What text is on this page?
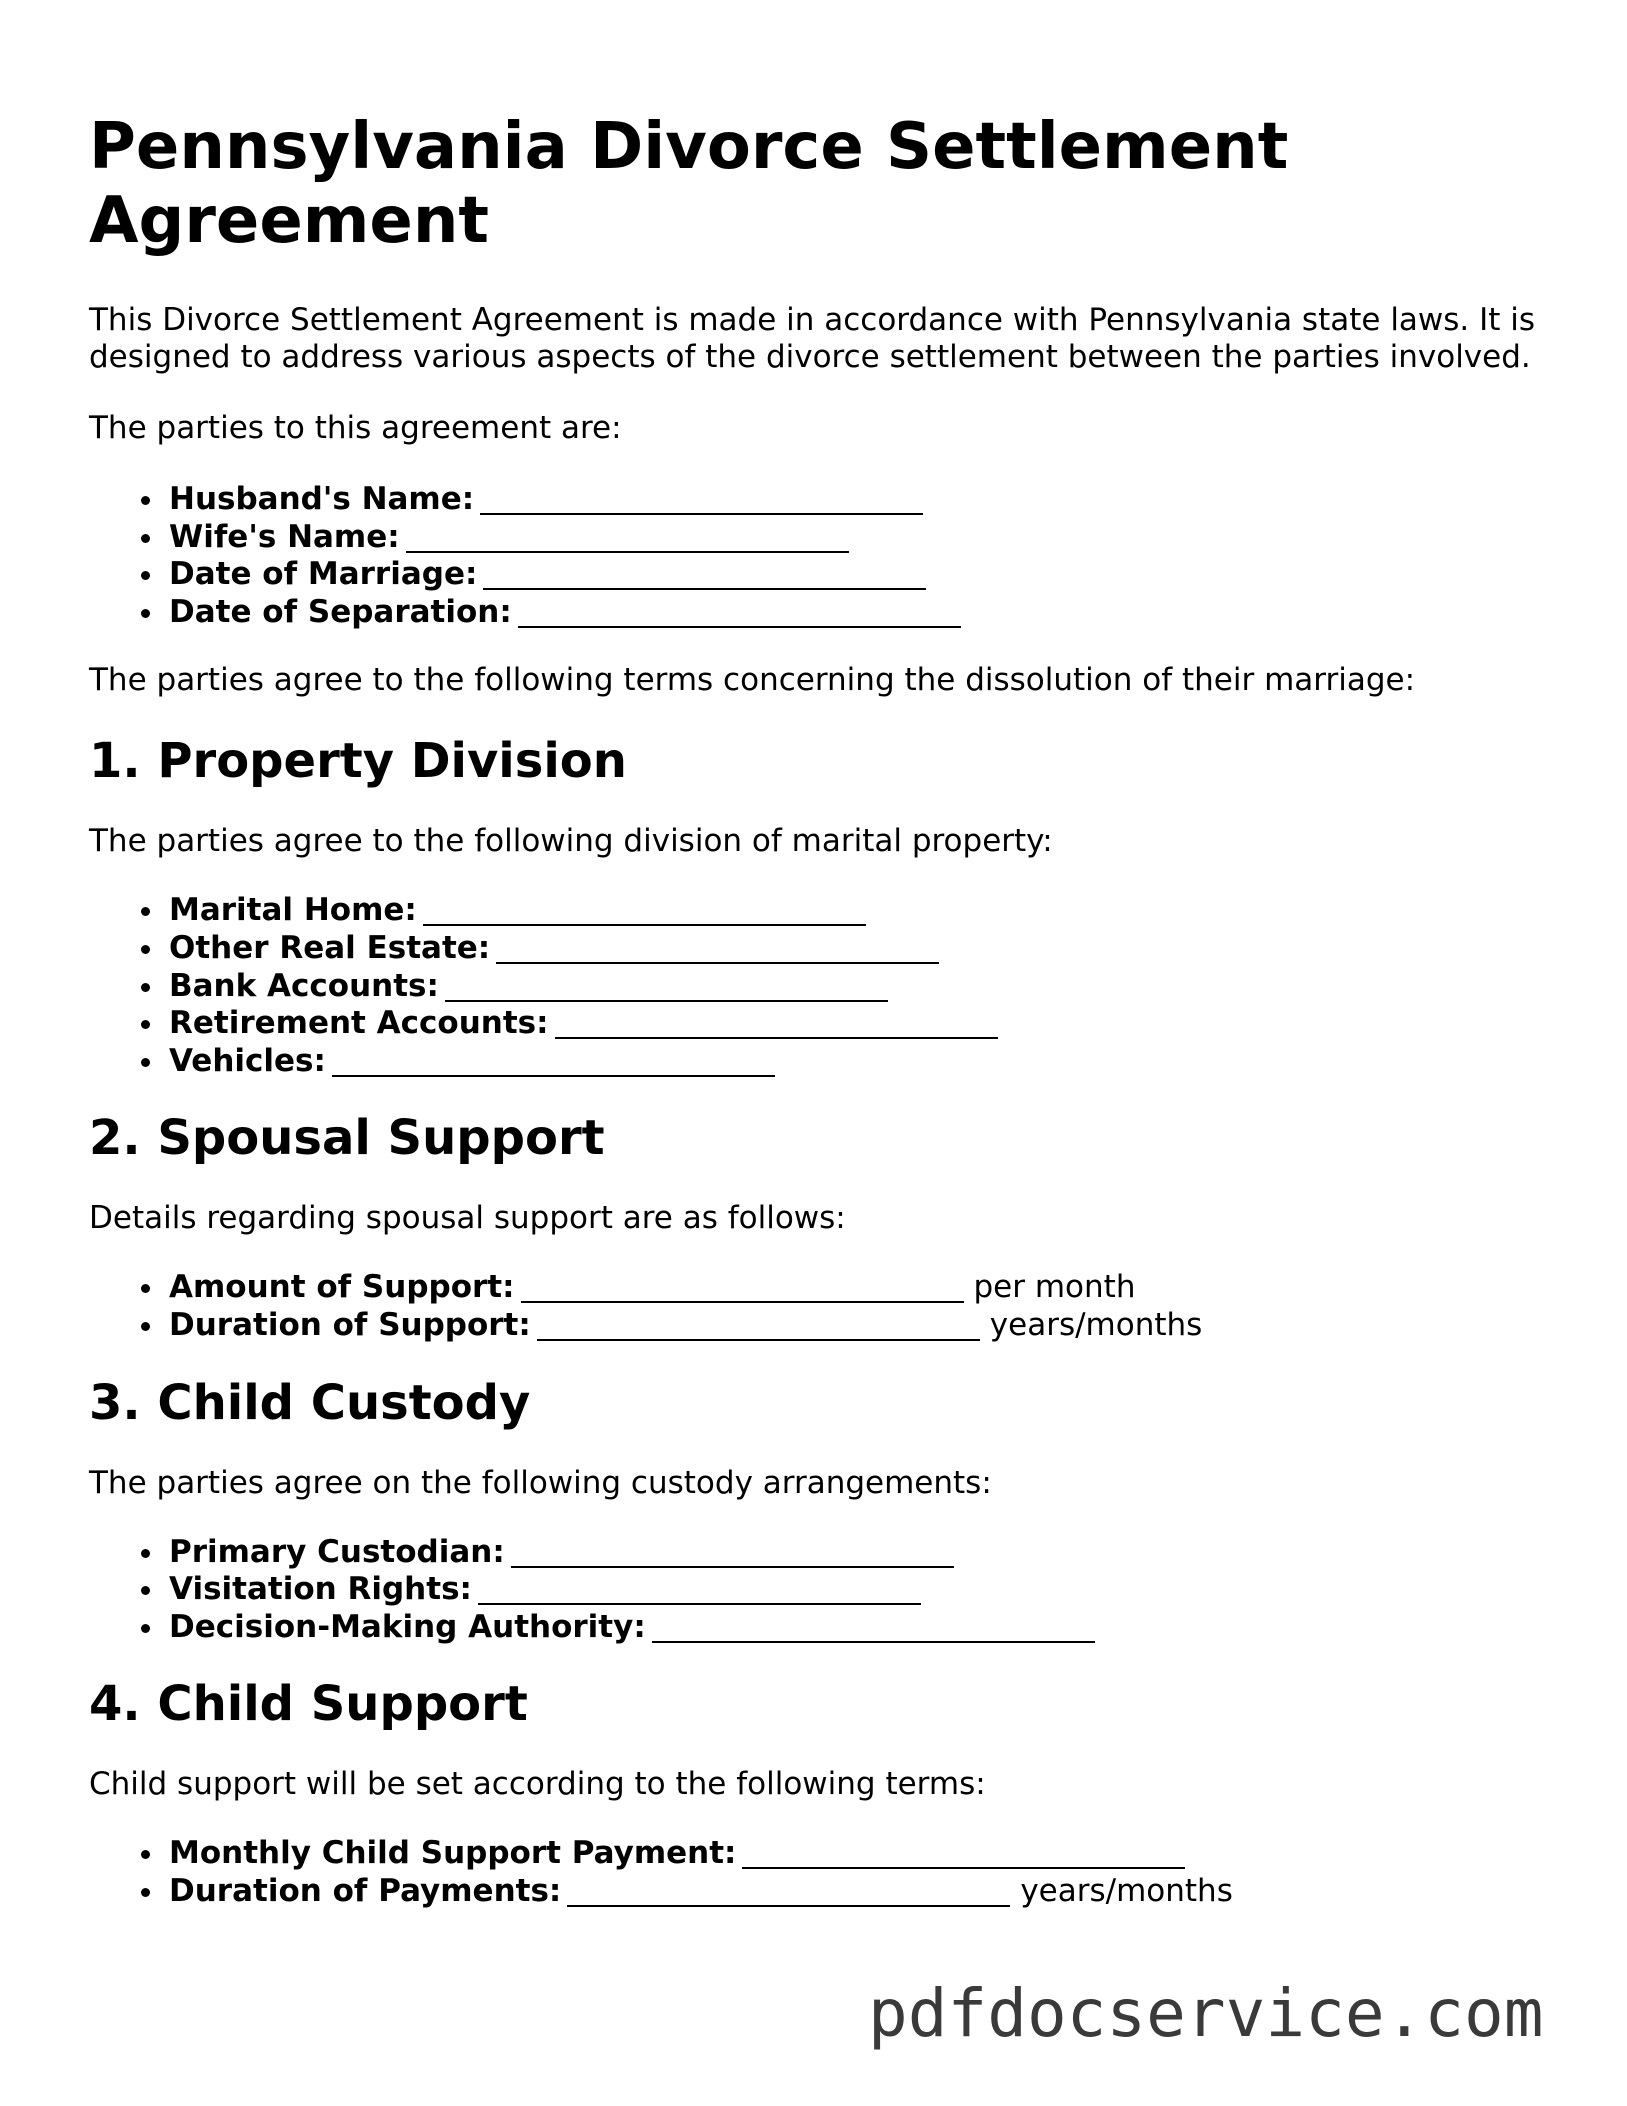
Pennsylvania Divorce Settlement Agreement

This Divorce Settlement Agreement is made in accordance with Pennsylvania state laws. It is designed to address various aspects of the divorce settlement between the parties involved.

The parties to this agreement are:

Husband's Name:
Wife's Name:
Date of Marriage:
Date of Separation:

The parties agree to the following terms concerning the dissolution of their marriage:

1. Property Division

The parties agree to the following division of marital property:

Marital Home:
Other Real Estate:
Bank Accounts:
Retirement Accounts:
Vehicles:
2. Spousal Support

Details regarding spousal support are as follows:

Amount of Support:	per month
Duration of Support:	years/months
3. Child Custody

The parties agree on the following custody arrangements:

Primary Custodian:
Visitation Rights:
Decision-Making Authority:
4. Child Support

Child support will be set according to the following terms:

Monthly Child Support Payment:
Duration of Payments:	years/months
pdfdocservice.com
